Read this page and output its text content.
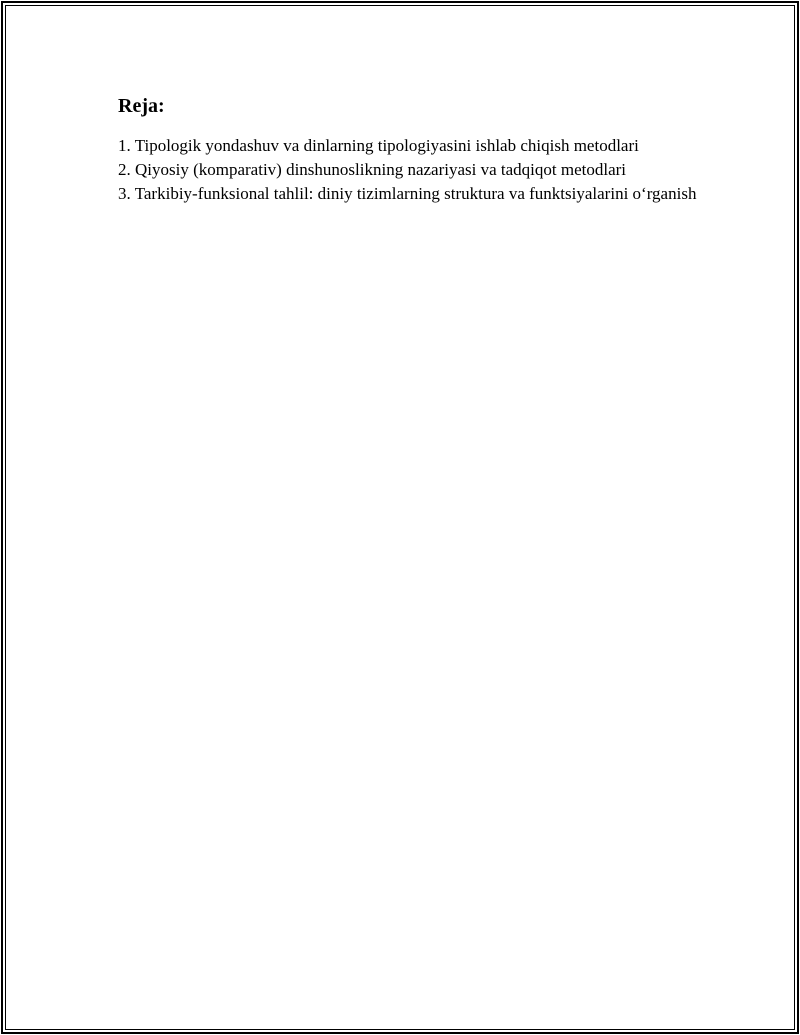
Reja:
1. Tipologik yondashuv va dinlarning tipologiyasini ishlab chiqish metodlari
2. Qiyosiy (komparativ) dinshunoslikning nazariyasi va tadqiqot metodlari
3. Tarkibiy-funksional tahlil: diniy tizimlarning struktura va funktsiyalarini o‘rganish
